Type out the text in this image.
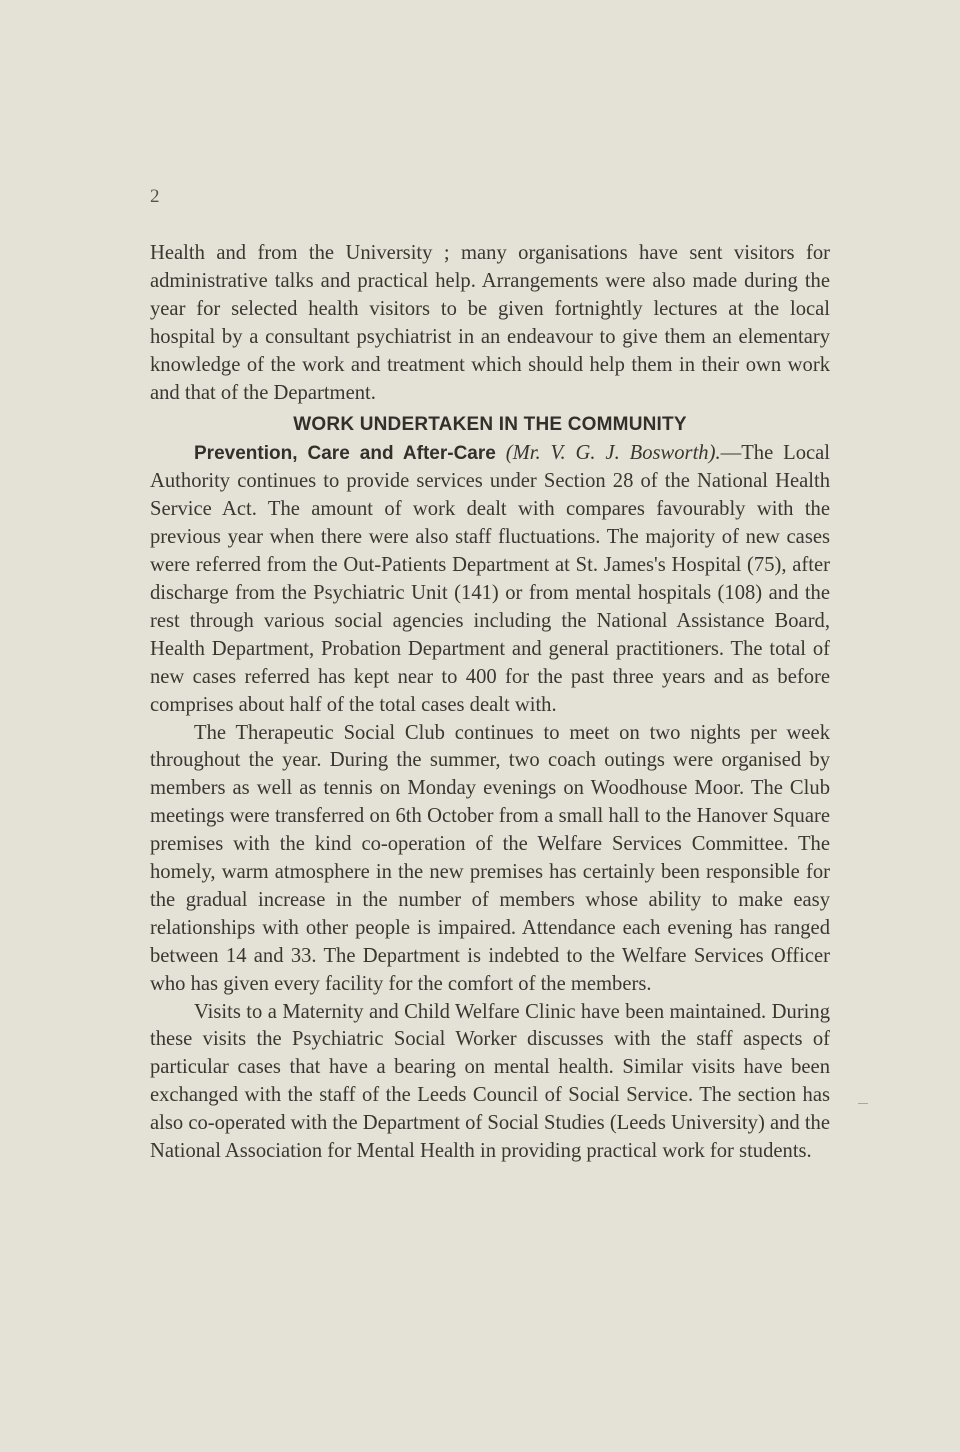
2

Health and from the University ; many organisations have sent visitors for administrative talks and practical help. Arrangements were also made during the year for selected health visitors to be given fortnightly lectures at the local hospital by a consultant psychiatrist in an endeavour to give them an elementary knowledge of the work and treatment which should help them in their own work and that of the Department.

WORK UNDERTAKEN IN THE COMMUNITY

Prevention, Care and After-Care (Mr. V. G. J. Bosworth).—The Local Authority continues to provide services under Section 28 of the National Health Service Act. The amount of work dealt with compares favourably with the previous year when there were also staff fluctuations. The majority of new cases were referred from the Out-Patients Department at St. James's Hospital (75), after discharge from the Psychiatric Unit (141) or from mental hospitals (108) and the rest through various social agencies including the National Assistance Board, Health Department, Probation Department and general practitioners. The total of new cases referred has kept near to 400 for the past three years and as before comprises about half of the total cases dealt with.

The Therapeutic Social Club continues to meet on two nights per week throughout the year. During the summer, two coach outings were organised by members as well as tennis on Monday evenings on Woodhouse Moor. The Club meetings were transferred on 6th October from a small hall to the Hanover Square premises with the kind co-operation of the Welfare Services Committee. The homely, warm atmosphere in the new premises has certainly been responsible for the gradual increase in the number of members whose ability to make easy relationships with other people is impaired. Attendance each evening has ranged between 14 and 33. The Department is indebted to the Welfare Services Officer who has given every facility for the comfort of the members.

Visits to a Maternity and Child Welfare Clinic have been maintained. During these visits the Psychiatric Social Worker discusses with the staff aspects of particular cases that have a bearing on mental health. Similar visits have been exchanged with the staff of the Leeds Council of Social Service. The section has also co-operated with the Department of Social Studies (Leeds University) and the National Association for Mental Health in providing practical work for students.
